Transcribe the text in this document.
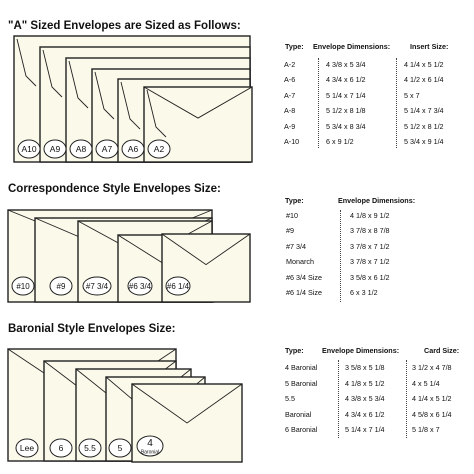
"A" Sized Envelopes are Sized as Follows:
A10 A9 A8 A7 A6 A2
Type: Envelope Dimensions:	Insert Size:
A-2	4 3/8 x 5 3/4	4 1/4 x 5 1/2
A-6	4 3/4 x 6 1/2	4 1/2 x 6 1/4
A-7	5 1/4 x 7 1/4	5 x 7
A-8	5 1/2 x 8 1/8	5 1/4 x 7 3/4
A-9	5 3/4 x 8 3/4	5 1/2 x 8 1/2
A-10	6 x 9 1/2	5 3/4 x 9 1/4
Correspondence Style Envelopes Size:
#10	#9	#7 3/4	#6 3/4 #6 1/4
Type:	Envelope Dimensions:
#10	4 1/8 x 9 1/2
#9	3 7/8 x 8 7/8
#7 3/4	3 7/8 x 7 1/2
Monarch	3 7/8 x 7 1/2
#6 3/4 Size	3 5/8 x 6 1/2
#6 1/4 Size	6 x 3 1/2
Baronial Style Envelopes Size:
Lee	6 5.5	5 4
Baronial
Type:	Envelope Dimensions:	Card Size:
4 Baronial	3 5/8 x 5 1/8	3 1/2 x 4 7/8
5 Baronial	4 1/8 x 5 1/2	4 x 5 1/4
5.5	4 3/8 x 5 3/4	4 1/4 x 5 1/2
Baronial	4 3/4 x 6 1/2	4 5/8 x 6 1/4
6 Baronial	5 1/4 x 7 1/4	5 1/8 x 7
